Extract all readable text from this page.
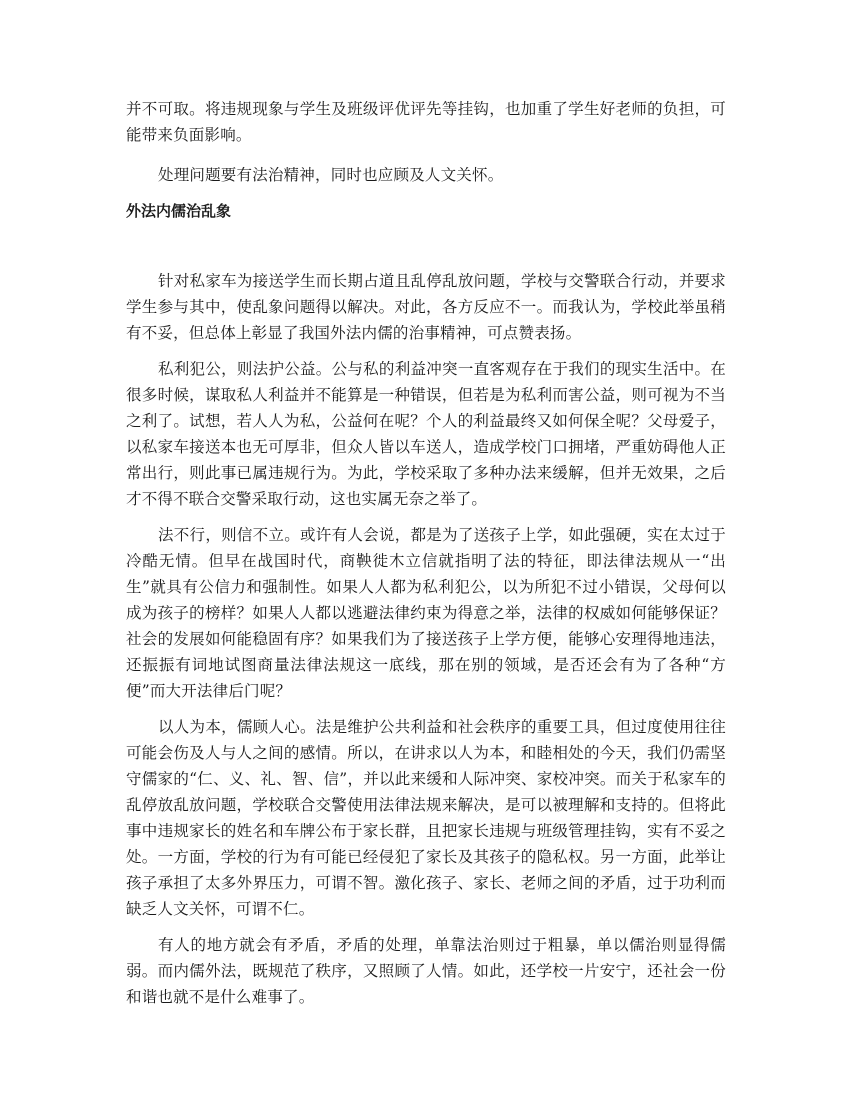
并不可取。将违规现象与学生及班级评优评先等挂钩，也加重了学生好老师的负担，可能带来负面影响。

处理问题要有法治精神，同时也应顾及人文关怀。

外法内儒治乱象

针对私家车为接送学生而长期占道且乱停乱放问题，学校与交警联合行动，并要求学生参与其中，使乱象问题得以解决。对此，各方反应不一。而我认为，学校此举虽稍有不妥，但总体上彰显了我国外法内儒的治事精神，可点赞表扬。

私利犯公，则法护公益。公与私的利益冲突一直客观存在于我们的现实生活中。在很多时候，谋取私人利益并不能算是一种错误，但若是为私利而害公益，则可视为不当之利了。试想，若人人为私，公益何在呢？个人的利益最终又如何保全呢？父母爱子，以私家车接送本也无可厚非，但众人皆以车送人，造成学校门口拥堵，严重妨碍他人正常出行，则此事已属违规行为。为此，学校采取了多种办法来缓解，但并无效果，之后才不得不联合交警采取行动，这也实属无奈之举了。

法不行，则信不立。或许有人会说，都是为了送孩子上学，如此强硬，实在太过于冷酷无情。但早在战国时代，商鞅徙木立信就指明了法的特征，即法律法规从一“出生”就具有公信力和强制性。如果人人都为私利犯公，以为所犯不过小错误，父母何以成为孩子的榜样？如果人人都以逃避法律约束为得意之举，法律的权威如何能够保证？社会的发展如何能稳固有序？如果我们为了接送孩子上学方便，能够心安理得地违法，还振振有词地试图商量法律法规这一底线，那在别的领域，是否还会有为了各种“方便”而大开法律后门呢？

以人为本，儒顾人心。法是维护公共利益和社会秩序的重要工具，但过度使用往往可能会伤及人与人之间的感情。所以，在讲求以人为本，和睦相处的今天，我们仍需坚守儒家的“仁、义、礼、智、信”，并以此来缓和人际冲突、家校冲突。而关于私家车的乱停放乱放问题，学校联合交警使用法律法规来解决，是可以被理解和支持的。但将此事中违规家长的姓名和车牌公布于家长群，且把家长违规与班级管理挂钩，实有不妥之处。一方面，学校的行为有可能已经侵犯了家长及其孩子的隐私权。另一方面，此举让孩子承担了太多外界压力，可谓不智。激化孩子、家长、老师之间的矛盾，过于功利而缺乏人文关怀，可谓不仁。

有人的地方就会有矛盾，矛盾的处理，单靠法治则过于粗暴，单以儒治则显得儒弱。而内儒外法，既规范了秩序，又照顾了人情。如此，还学校一片安宁，还社会一份和谐也就不是什么难事了。
